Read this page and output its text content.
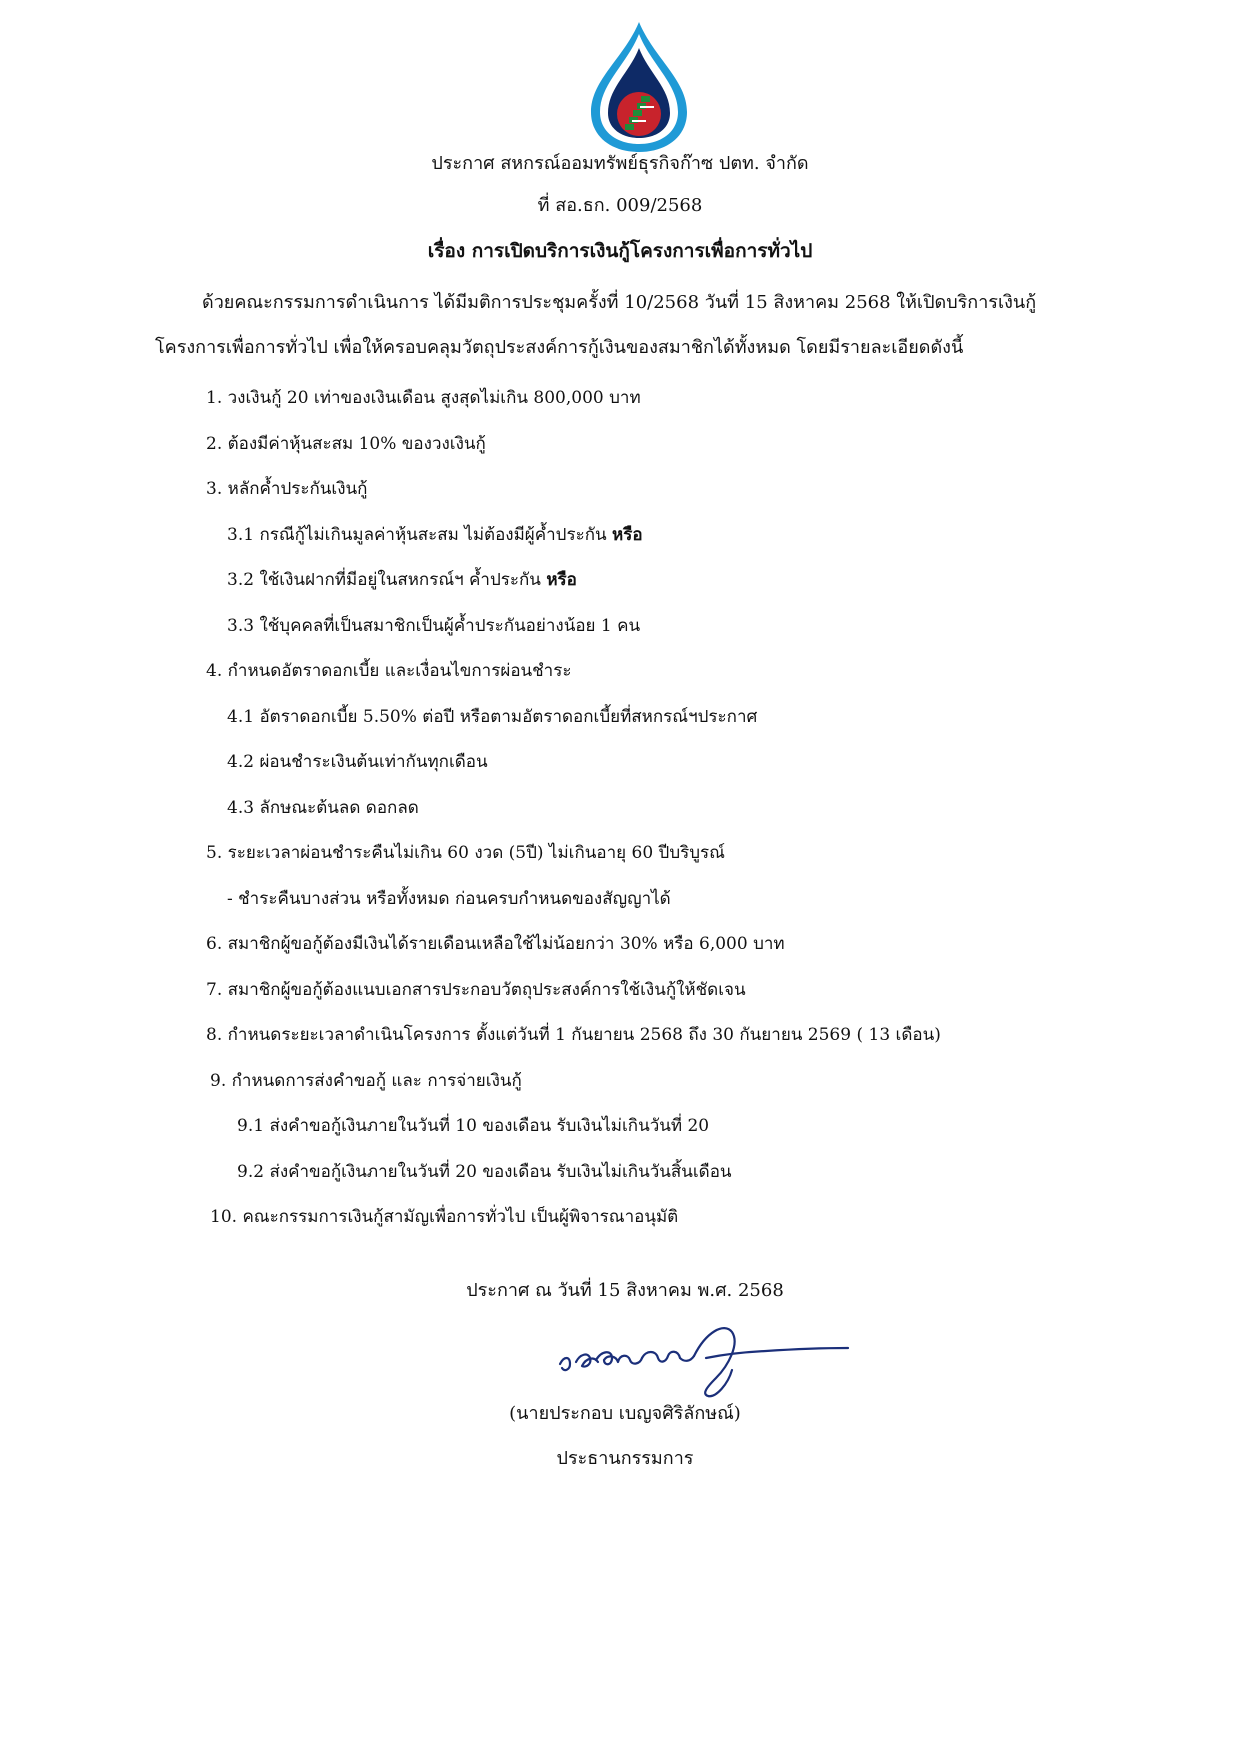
ประกาศ สหกรณ์ออมทรัพย์ธุรกิจก๊าซ ปตท. จำกัด
ที่ สอ.ธก. 009/2568
เรื่อง การเปิดบริการเงินกู้โครงการเพื่อการทั่วไป
ด้วยคณะกรรมการดำเนินการ ได้มีมติการประชุมครั้งที่ 10/2568 วันที่ 15 สิงหาคม 2568 ให้เปิดบริการเงินกู้
โครงการเพื่อการทั่วไป เพื่อให้ครอบคลุมวัตถุประสงค์การกู้เงินของสมาชิกได้ทั้งหมด โดยมีรายละเอียดดังนี้
1. วงเงินกู้ 20 เท่าของเงินเดือน สูงสุดไม่เกิน 800,000 บาท
2. ต้องมีค่าหุ้นสะสม 10% ของวงเงินกู้
3. หลักค้ำประกันเงินกู้
3.1 กรณีกู้ไม่เกินมูลค่าหุ้นสะสม ไม่ต้องมีผู้ค้ำประกัน หรือ
3.2 ใช้เงินฝากที่มีอยู่ในสหกรณ์ฯ ค้ำประกัน หรือ
3.3 ใช้บุคคลที่เป็นสมาชิกเป็นผู้ค้ำประกันอย่างน้อย 1 คน
4. กำหนดอัตราดอกเบี้ย และเงื่อนไขการผ่อนชำระ
4.1 อัตราดอกเบี้ย 5.50% ต่อปี หรือตามอัตราดอกเบี้ยที่สหกรณ์ฯประกาศ
4.2 ผ่อนชำระเงินต้นเท่ากันทุกเดือน
4.3 ลักษณะต้นลด ดอกลด
5. ระยะเวลาผ่อนชำระคืนไม่เกิน 60 งวด (5ปี) ไม่เกินอายุ 60 ปีบริบูรณ์
- ชำระคืนบางส่วน หรือทั้งหมด ก่อนครบกำหนดของสัญญาได้
6. สมาชิกผู้ขอกู้ต้องมีเงินได้รายเดือนเหลือใช้ไม่น้อยกว่า 30% หรือ 6,000 บาท
7. สมาชิกผู้ขอกู้ต้องแนบเอกสารประกอบวัตถุประสงค์การใช้เงินกู้ให้ชัดเจน
8. กำหนดระยะเวลาดำเนินโครงการ ตั้งแต่วันที่ 1 กันยายน 2568 ถึง 30 กันยายน 2569 ( 13 เดือน)
9. กำหนดการส่งคำขอกู้ และ การจ่ายเงินกู้
9.1 ส่งคำขอกู้เงินภายในวันที่ 10 ของเดือน รับเงินไม่เกินวันที่ 20
9.2 ส่งคำขอกู้เงินภายในวันที่ 20 ของเดือน รับเงินไม่เกินวันสิ้นเดือน
10. คณะกรรมการเงินกู้สามัญเพื่อการทั่วไป เป็นผู้พิจารณาอนุมัติ
ประกาศ ณ วันที่ 15 สิงหาคม พ.ศ. 2568
(นายประกอบ เบญจศิริลักษณ์)
ประธานกรรมการ
